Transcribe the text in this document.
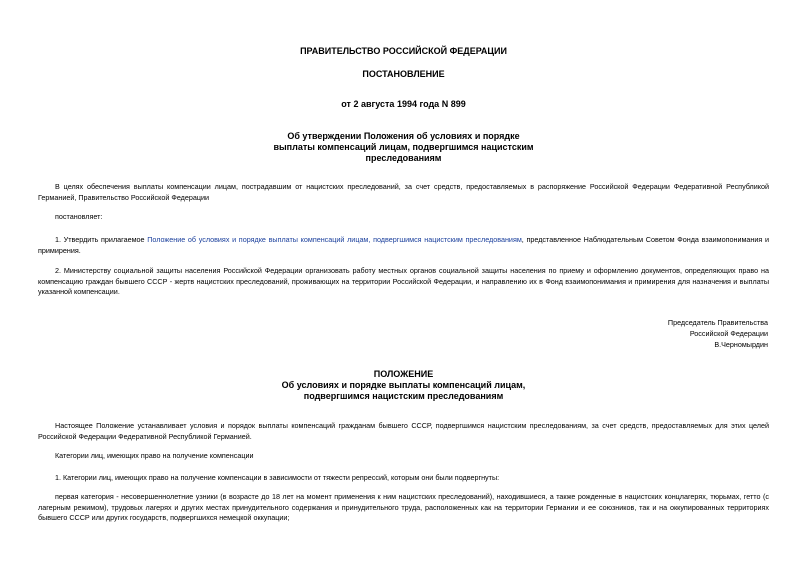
ПРАВИТЕЛЬСТВО РОССИЙСКОЙ ФЕДЕРАЦИИ
ПОСТАНОВЛЕНИЕ
от 2 августа 1994 года N 899
Об утверждении Положения об условиях и порядке
выплаты компенсаций лицам, подвергшимся нацистским
преследованиям

В целях обеспечения выплаты компенсации лицам, пострадавшим от нацистских преследований, за счет средств, предоставляемых в распоряжение Российской Федерации Федеративной Республикой Германией, Правительство Российской Федерации

постановляет:

1. Утвердить прилагаемое Положение об условиях и порядке выплаты компенсаций лицам, подвергшимся нацистским преследованиям, представленное Наблюдательным Советом Фонда взаимопонимания и примирения.

2. Министерству социальной защиты населения Российской Федерации организовать работу местных органов социальной защиты населения по приему и оформлению документов, определяющих право на компенсацию граждан бывшего СССР - жертв нацистских преследований, проживающих на территории Российской Федерации, и направлению их в Фонд взаимопонимания и примирения для назначения и выплаты указанной компенсации.

Председатель Правительства
Российской Федерации
В.Черномырдин
ПОЛОЖЕНИЕ
Об условиях и порядке выплаты компенсаций лицам,
подвергшимся нацистским преследованиям

Настоящее Положение устанавливает условия и порядок выплаты компенсаций гражданам бывшего СССР, подвергшимся нацистским преследованиям, за счет средств, предоставляемых для этих целей Российской Федерации Федеративной Республикой Германией.

Категории лиц, имеющих право на получение компенсации

1. Категории лиц, имеющих право на получение компенсации в зависимости от тяжести репрессий, которым они были подвергнуты:

первая категория - несовершеннолетние узники (в возрасте до 18 лет на момент применения к ним нацистских преследований), находившиеся, а также рожденные в нацистских концлагерях, тюрьмах, гетто (с лагерным режимом), трудовых лагерях и других местах принудительного содержания и принудительного труда, расположенных как на территории Германии и ее союзников, так и на оккупированных территориях бывшего СССР или других государств, подвергшихся немецкой оккупации;
